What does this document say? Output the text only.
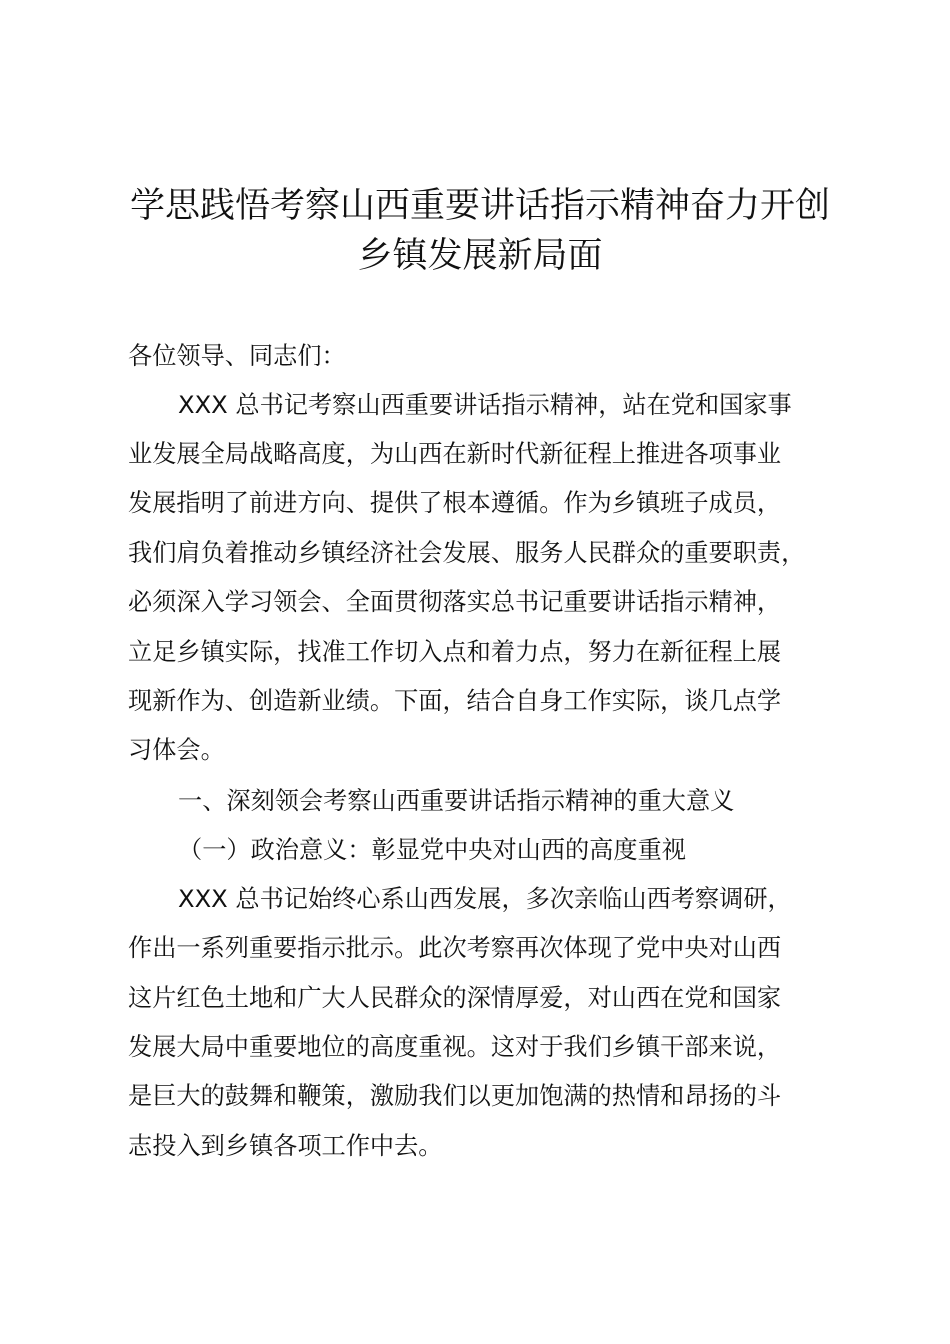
学思践悟考察山西重要讲话指示精神奋力开创
乡镇发展新局面
各位领导、同志们：
XXX 总书记考察山西重要讲话指示精神，站在党和国家事
业发展全局战略高度，为山西在新时代新征程上推进各项事业
发展指明了前进方向、提供了根本遵循。作为乡镇班子成员，
我们肩负着推动乡镇经济社会发展、服务人民群众的重要职责，
必须深入学习领会、全面贯彻落实总书记重要讲话指示精神，
立足乡镇实际，找准工作切入点和着力点，努力在新征程上展
现新作为、创造新业绩。下面，结合自身工作实际，谈几点学
习体会。
一、深刻领会考察山西重要讲话指示精神的重大意义
（一）政治意义：彰显党中央对山西的高度重视
XXX 总书记始终心系山西发展，多次亲临山西考察调研，
作出一系列重要指示批示。此次考察再次体现了党中央对山西
这片红色土地和广大人民群众的深情厚爱，对山西在党和国家
发展大局中重要地位的高度重视。这对于我们乡镇干部来说，
是巨大的鼓舞和鞭策，激励我们以更加饱满的热情和昂扬的斗
志投入到乡镇各项工作中去。
